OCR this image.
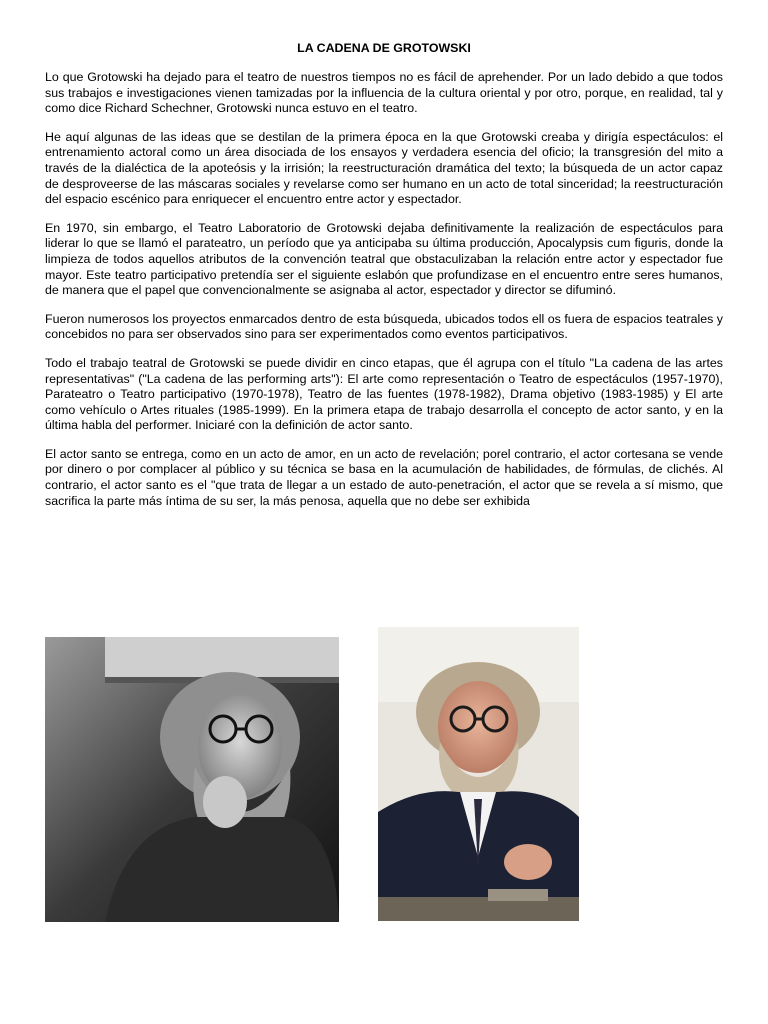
LA CADENA DE GROTOWSKI

Lo que Grotowski ha dejado para el teatro de nuestros tiempos no es fácil de aprehender. Por un lado debido a que todos sus trabajos e investigaciones vienen tamizadas por la influencia de la cultura oriental y por otro, porque, en realidad, tal y como dice Richard Schechner, Grotowski nunca estuvo en el teatro.

He aquí algunas de las ideas que se destilan de la primera época en la que Grotowski creaba y dirigía espectáculos: el entrenamiento actoral como un área disociada de los ensayos y verdadera esencia del oficio; la transgresión del mito a través de la dialéctica de la apoteósis y la irrisión; la reestructuración dramática del texto; la búsqueda de un actor capaz de desproveerse de las máscaras sociales y revelarse como ser humano en un acto de total sinceridad; la reestructuración del espacio escénico para enriquecer el encuentro entre actor y espectador.

En 1970, sin embargo, el Teatro Laboratorio de Grotowski dejaba definitivamente la realización de espectáculos para liderar lo que se llamó el parateatro, un período que ya anticipaba su última producción, Apocalypsis cum figuris, donde la limpieza de todos aquellos atributos de la convención teatral que obstaculizaban la relación entre actor y espectador fue mayor. Este teatro participativo pretendía ser el siguiente eslabón que profundizase en el encuentro entre seres humanos, de manera que el papel que convencionalmente se asignaba al actor, espectador y director se difuminó.

Fueron numerosos los proyectos enmarcados dentro de esta búsqueda, ubicados todos ell os fuera de espacios teatrales y concebidos no para ser observados sino para ser experimentados como eventos participativos.

Todo el trabajo teatral de Grotowski se puede dividir en cinco etapas, que él agrupa con el título "La cadena de las artes representativas" ("La cadena de las performing arts"): El arte como representación o Teatro de espectáculos (1957-1970), Parateatro o Teatro participativo (1970-1978), Teatro de las fuentes (1978-1982), Drama objetivo (1983-1985) y El arte como vehículo o Artes rituales (1985-1999). En la primera etapa de trabajo desarrolla el concepto de actor santo, y en la última habla del performer. Iniciaré con la definición de actor santo.

El actor santo se entrega, como en un acto de amor, en un acto de revelación; porel contrario, el actor cortesana se vende por dinero o por complacer al público y su técnica se basa en la acumulación de habilidades, de fórmulas, de clichés. Al contrario, el actor santo es el "que trata de llegar a un estado de auto-penetración, el actor que se revela a sí mismo, que sacrifica la parte más íntima de su ser, la más penosa, aquella que no debe ser exhibida
